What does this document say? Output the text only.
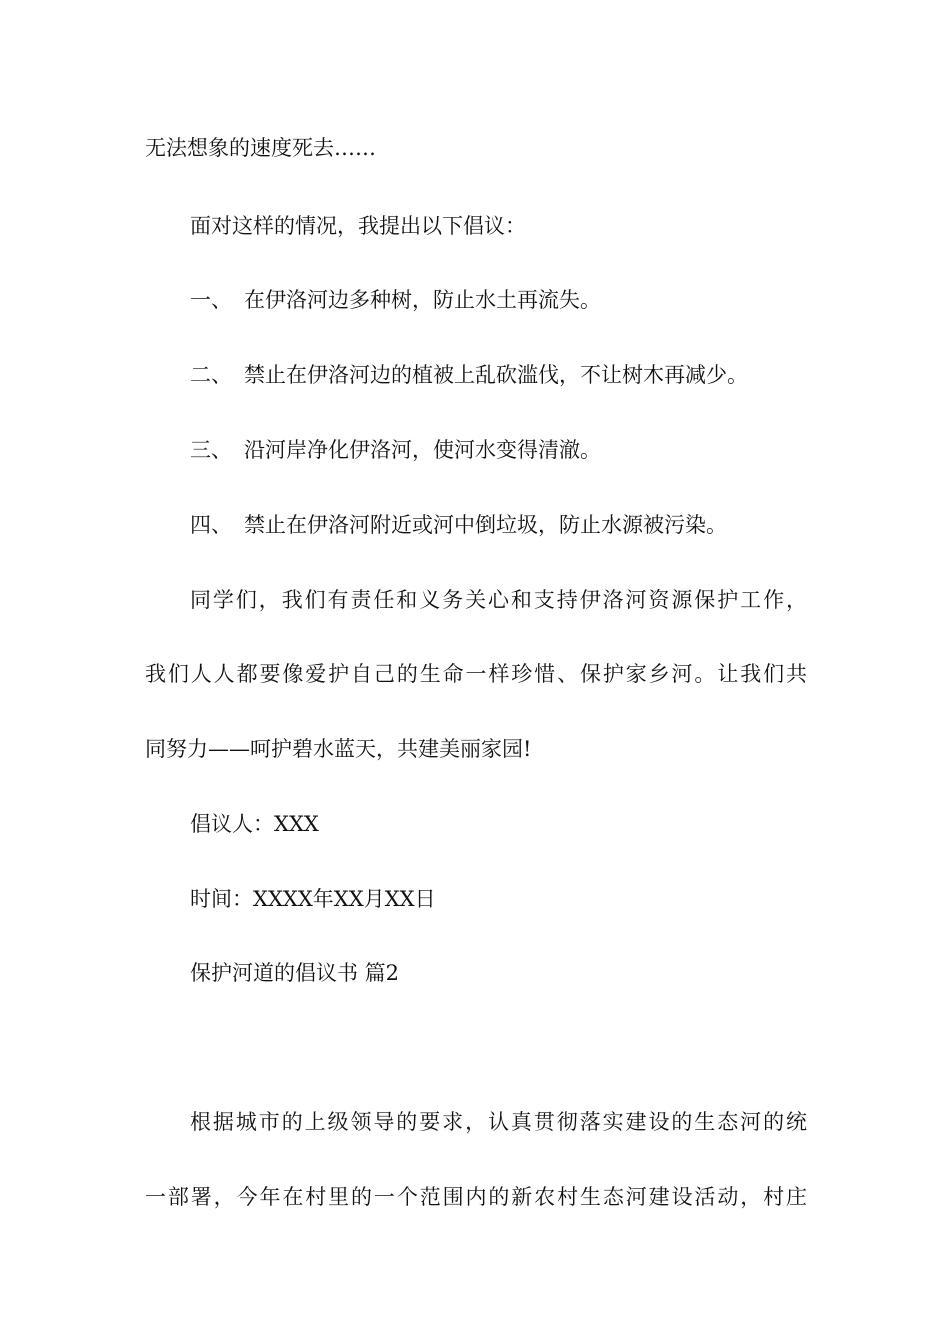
无法想象的速度死去……
面对这样的情况，我提出以下倡议：
一、 在伊洛河边多种树，防止水土再流失。
二、 禁止在伊洛河边的植被上乱砍滥伐，不让树木再减少。
三、 沿河岸净化伊洛河，使河水变得清澈。
四、 禁止在伊洛河附近或河中倒垃圾，防止水源被污染。
同学们，我们有责任和义务关心和支持伊洛河资源保护工作，
我们人人都要像爱护自己的生命一样珍惜、保护家乡河。让我们共
同努力——呵护碧水蓝天，共建美丽家园!
倡议人：XXX
时间：XXXX年XX月XX日
保护河道的倡议书 篇2
根据城市的上级领导的要求，认真贯彻落实建设的生态河的统
一部署，今年在村里的一个范围内的新农村生态河建设活动，村庄
